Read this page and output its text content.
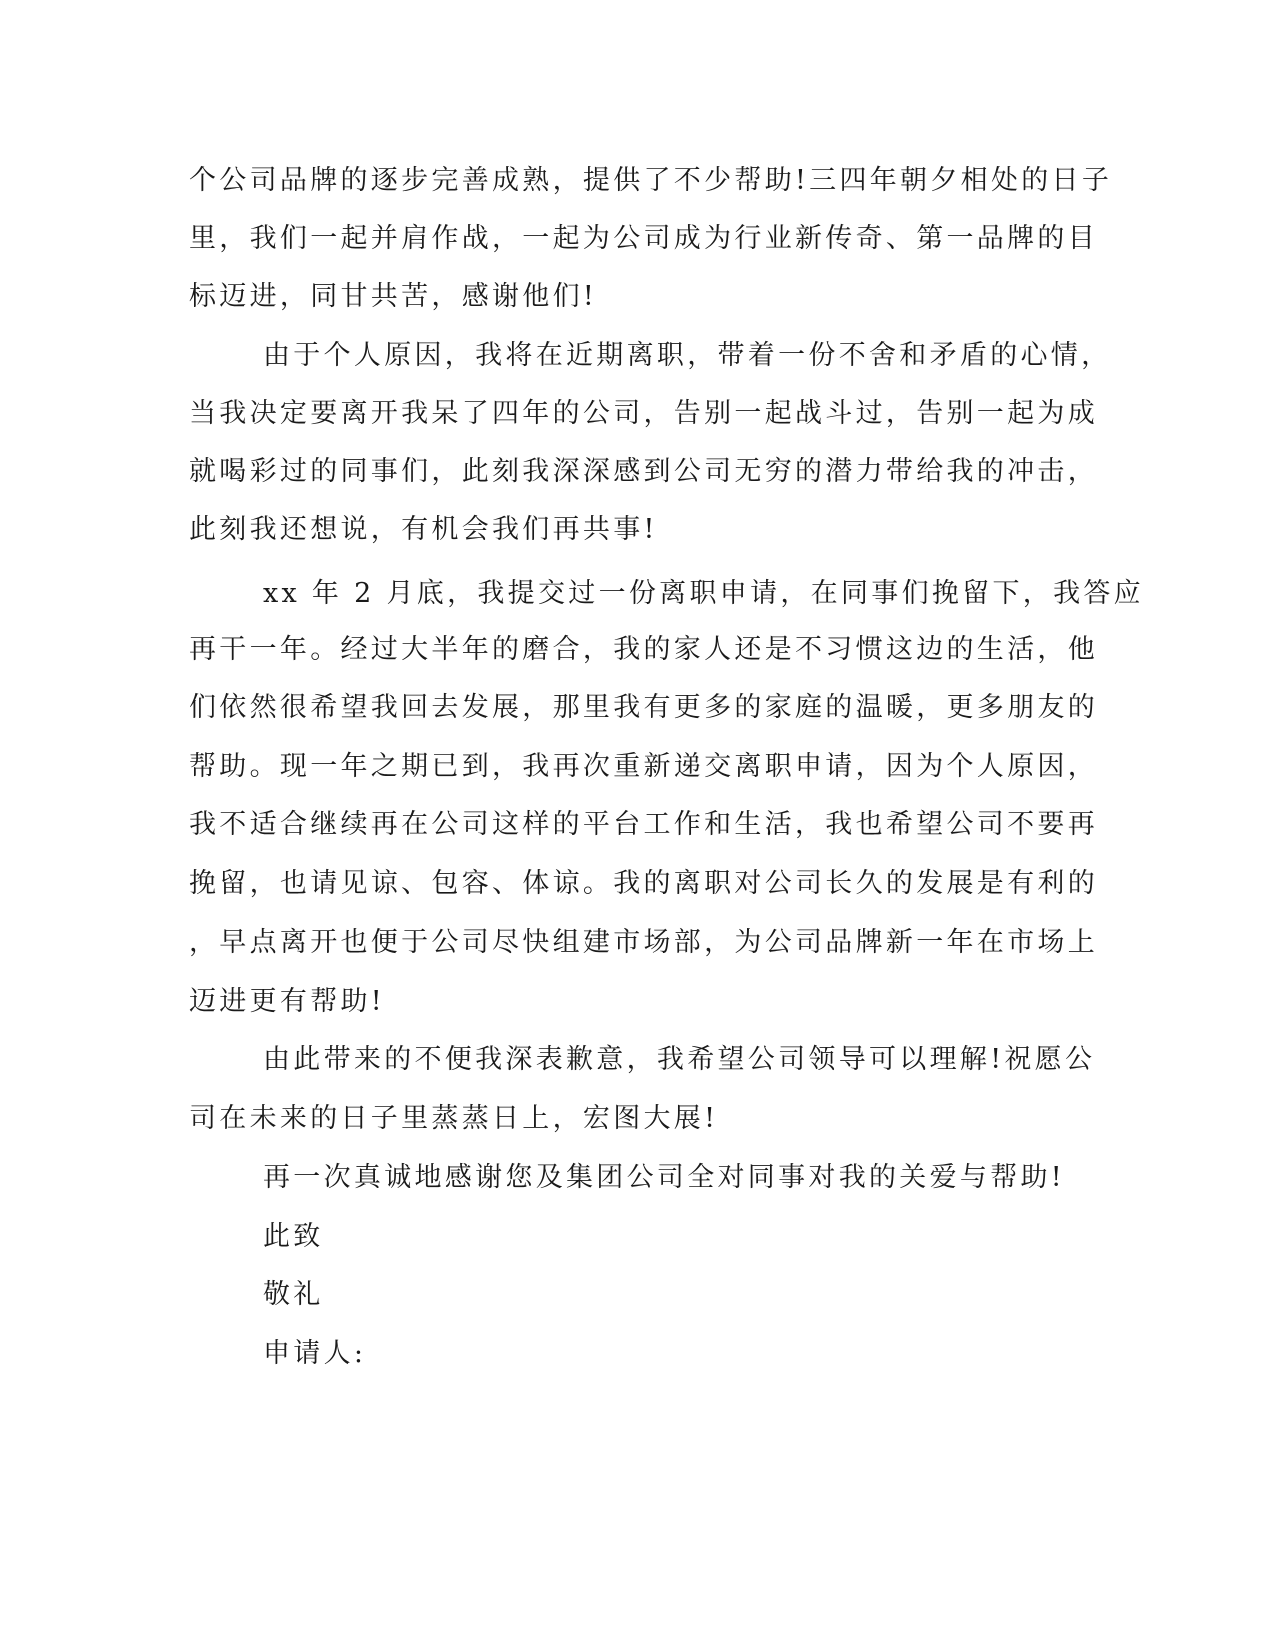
个公司品牌的逐步完善成熟，提供了不少帮助!三四年朝夕相处的日子
里，我们一起并肩作战，一起为公司成为行业新传奇、第一品牌的目
标迈进，同甘共苦，感谢他们!
由于个人原因，我将在近期离职，带着一份不舍和矛盾的心情，
当我决定要离开我呆了四年的公司，告别一起战斗过，告别一起为成
就喝彩过的同事们，此刻我深深感到公司无穷的潜力带给我的冲击，
此刻我还想说，有机会我们再共事!
xx 年 2 月底，我提交过一份离职申请，在同事们挽留下，我答应
再干一年。经过大半年的磨合，我的家人还是不习惯这边的生活，他
们依然很希望我回去发展，那里我有更多的家庭的温暖，更多朋友的
帮助。现一年之期已到，我再次重新递交离职申请，因为个人原因，
我不适合继续再在公司这样的平台工作和生活，我也希望公司不要再
挽留，也请见谅、包容、体谅。我的离职对公司长久的发展是有利的
，早点离开也便于公司尽快组建市场部，为公司品牌新一年在市场上
迈进更有帮助!
由此带来的不便我深表歉意，我希望公司领导可以理解!祝愿公
司在未来的日子里蒸蒸日上，宏图大展!
再一次真诚地感谢您及集团公司全对同事对我的关爱与帮助!
此致
敬礼
申请人:
